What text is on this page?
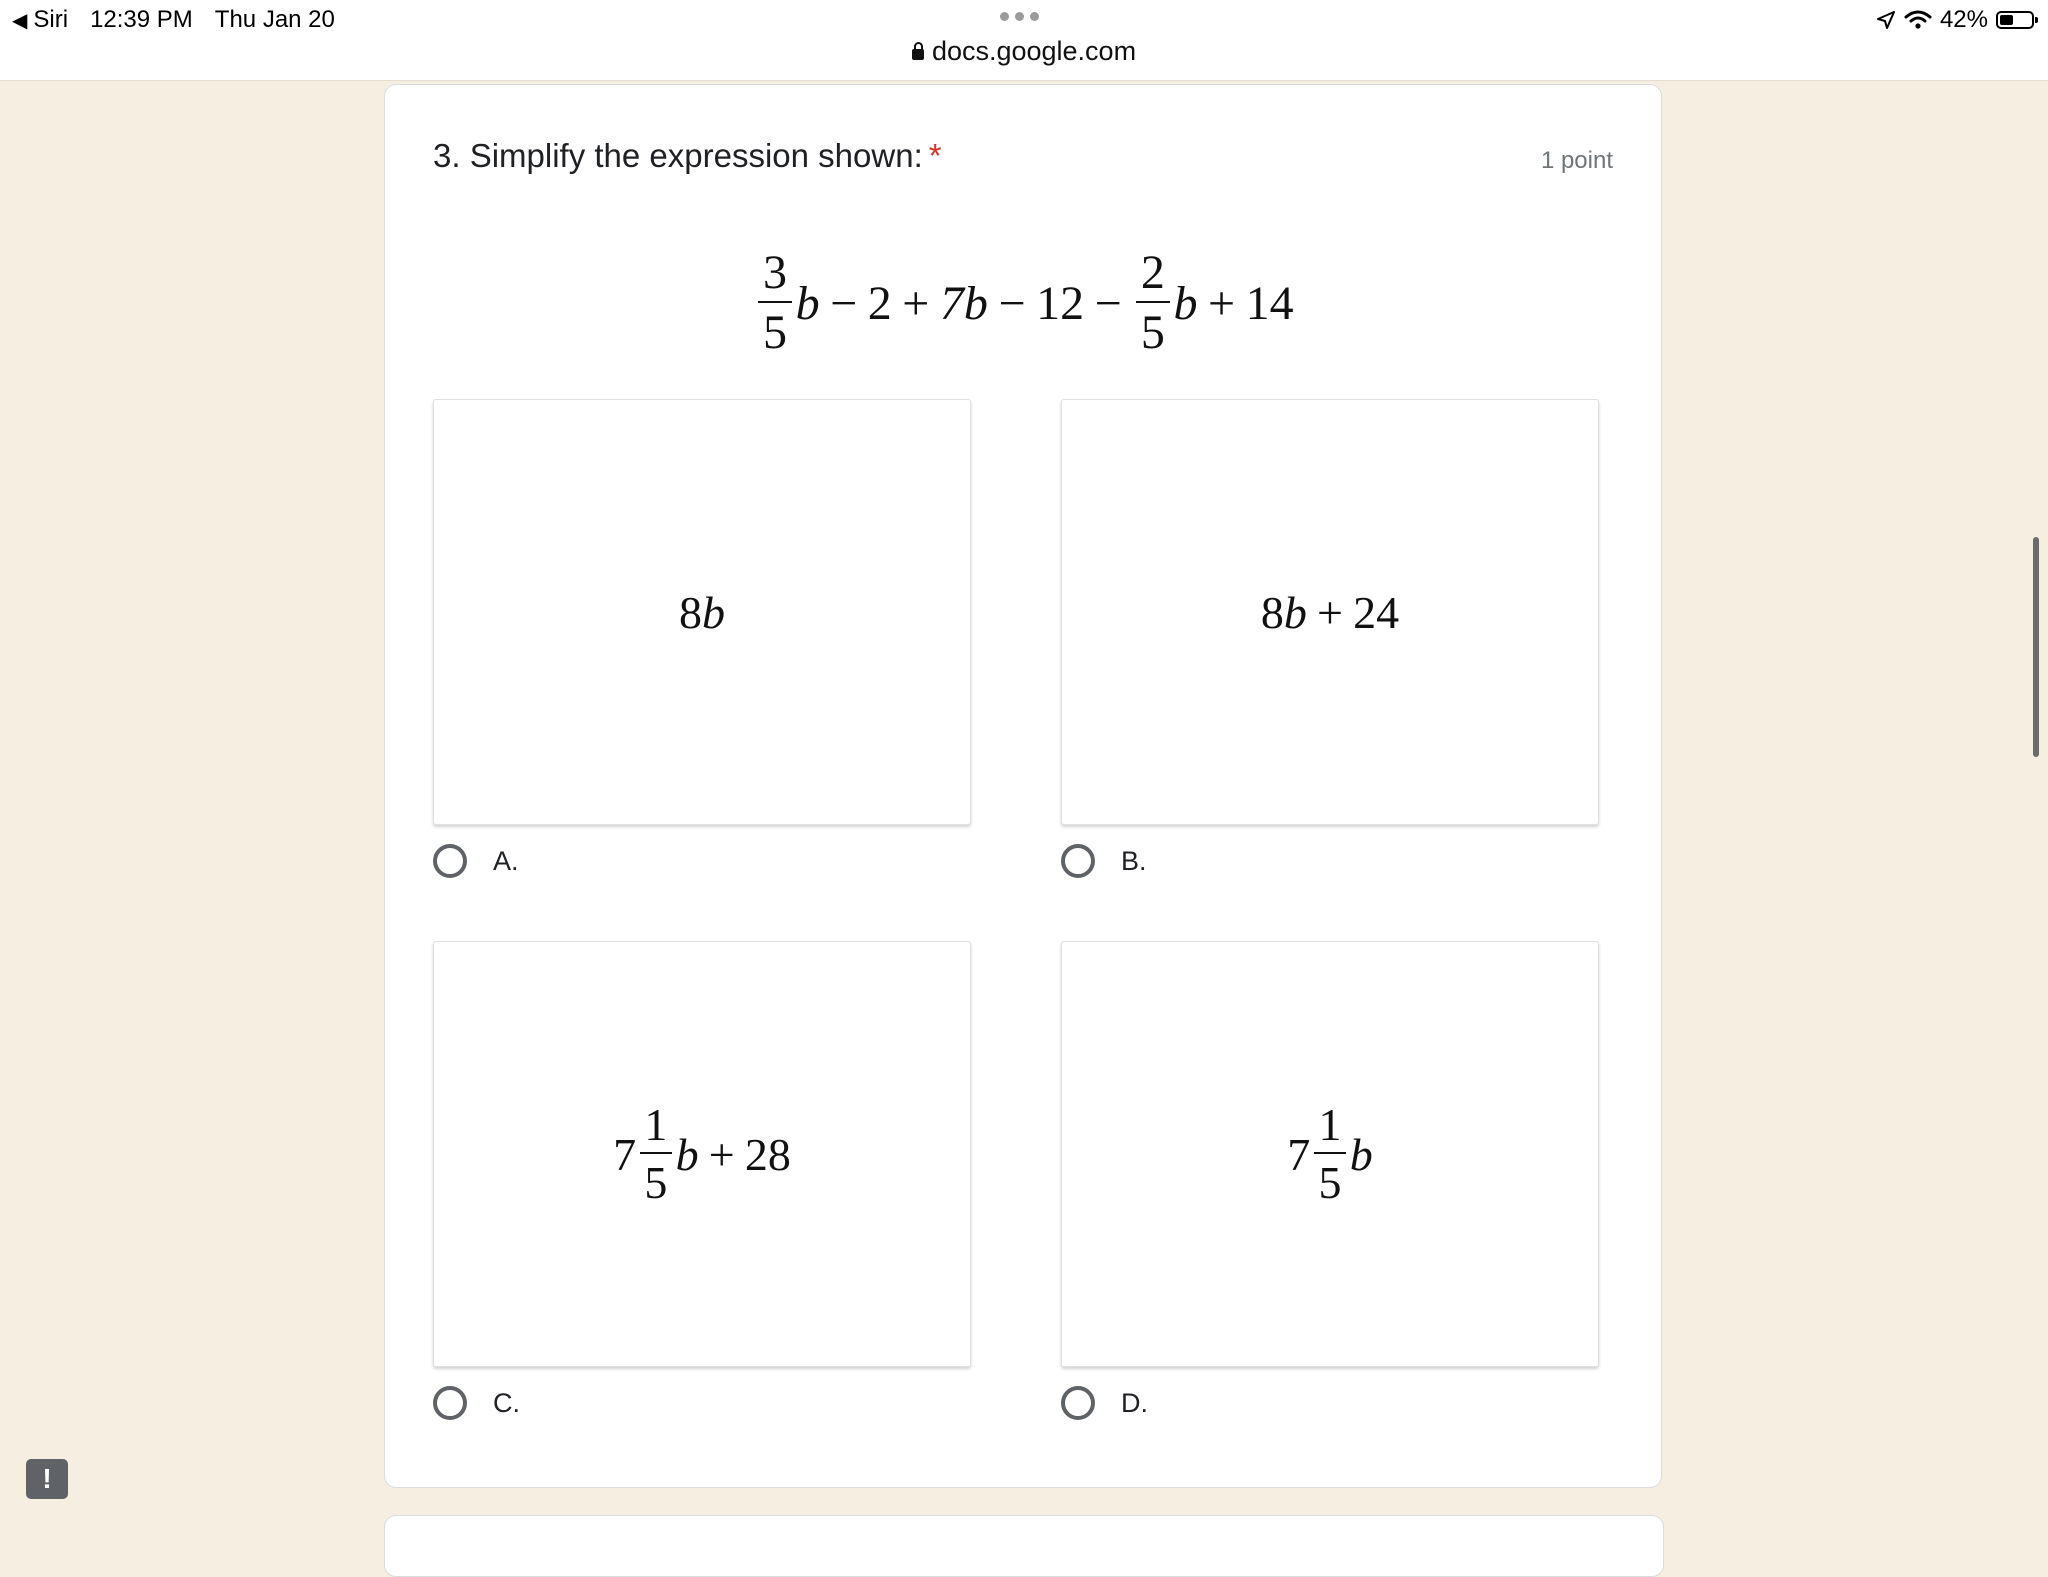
◀ Siri 12:39 PM Thu Jan 20
docs.google.com
42%
3. Simplify the expression shown: *	1 point
$\frac{3}{5}$ $b - 2 + 7b - 12 - \frac{2}{5}$ b + 14
8 b
A.
8 b + 24
B.
$7 \frac{1}{5}$ b + 28
C.
$7 \frac{1}{5}$ b
D.
!
